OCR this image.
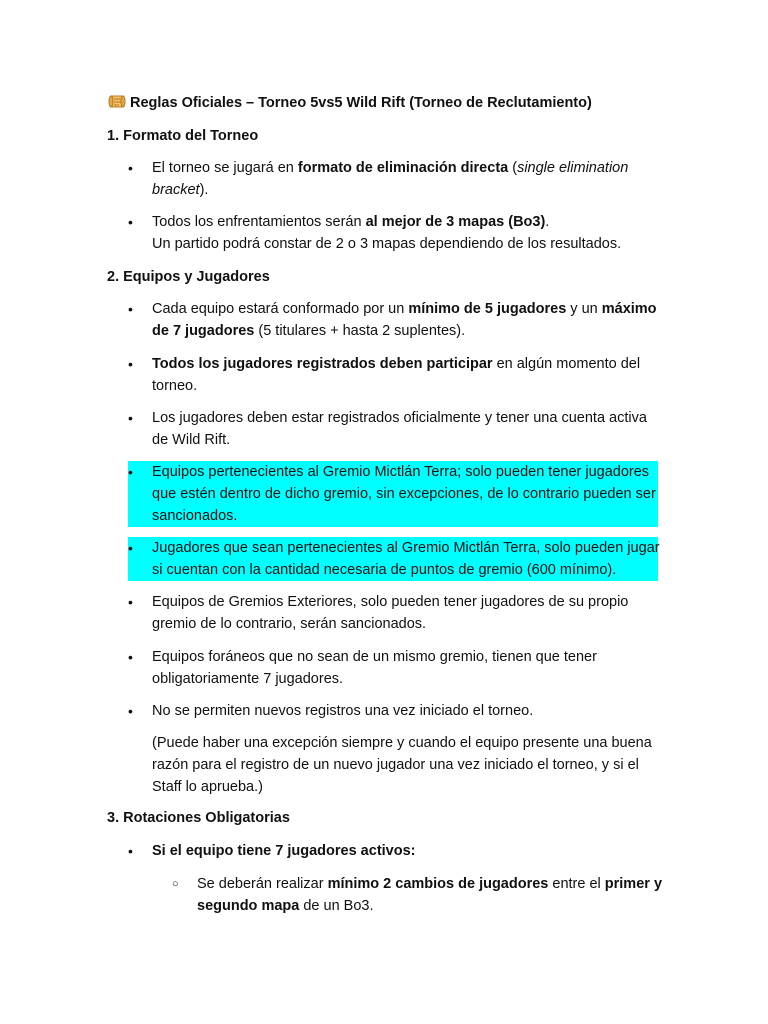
Reglas Oficiales – Torneo 5vs5 Wild Rift (Torneo de Reclutamiento)
1. Formato del Torneo
•	El torneo se jugará en formato de eliminación directa (single elimination bracket).
•	Todos los enfrentamientos serán al mejor de 3 mapas (Bo3).
Un partido podrá constar de 2 o 3 mapas dependiendo de los resultados.
2. Equipos y Jugadores
•	Cada equipo estará conformado por un mínimo de 5 jugadores y un máximo de 7 jugadores (5 titulares + hasta 2 suplentes).
•	Todos los jugadores registrados deben participar en algún momento del torneo.
•	Los jugadores deben estar registrados oficialmente y tener una cuenta activa de Wild Rift.
•	Equipos pertenecientes al Gremio Mictlán Terra; solo pueden tener jugadores que estén dentro de dicho gremio, sin excepciones, de lo contrario pueden ser sancionados.
•	Jugadores que sean pertenecientes al Gremio Mictlán Terra, solo pueden jugar si cuentan con la cantidad necesaria de puntos de gremio (600 mínimo).
•	Equipos de Gremios Exteriores, solo pueden tener jugadores de su propio gremio de lo contrario, serán sancionados.
•	Equipos foráneos que no sean de un mismo gremio, tienen que tener obligatoriamente 7 jugadores.
•	No se permiten nuevos registros una vez iniciado el torneo.
(Puede haber una excepción siempre y cuando el equipo presente una buena razón para el registro de un nuevo jugador una vez iniciado el torneo, y si el Staff lo aprueba.)
3. Rotaciones Obligatorias
•	Si el equipo tiene 7 jugadores activos:
○	Se deberán realizar mínimo 2 cambios de jugadores entre el primer y segundo mapa de un Bo3.
